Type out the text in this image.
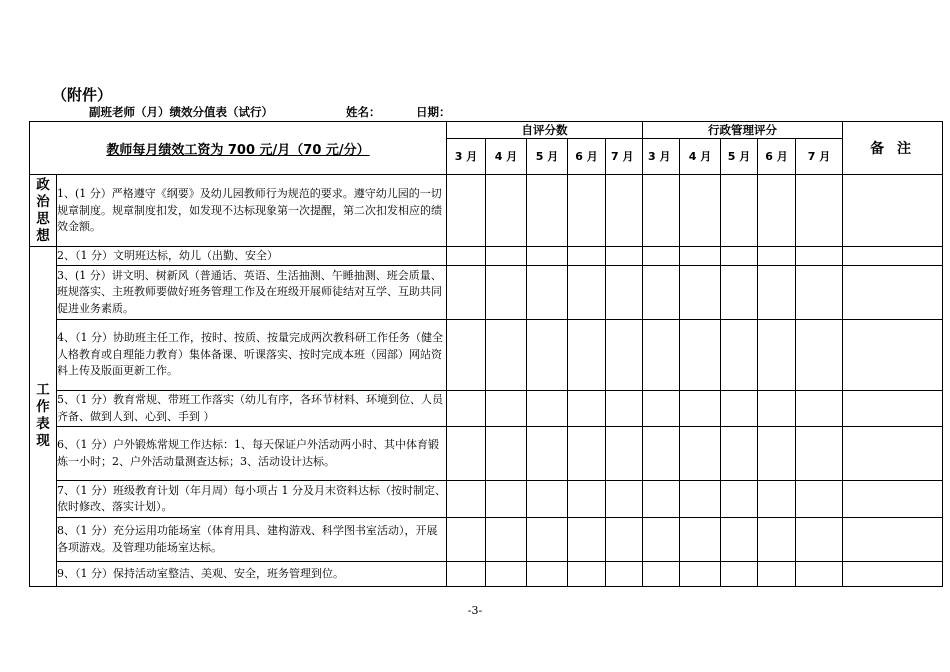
（附件）
副班老师（月）绩效分值表（试行）	姓名：	日期：
教师每月绩效工资为 700 元/月（70 元/分）		自评分数					行政管理评分					备 注
		3 月	4 月	5 月	6 月	7 月	3 月	4 月	5 月	6 月	7 月	
政治思想	1、(1 分）严格遵守《纲要》及幼儿园教师行为规范的要求。遵守幼儿园的一切规章制度。规章制度扣发，如发现不达标现象第一次提醒，第二次扣发相应的绩效金额。											

工作表现	2、（1 分）文明班达标，幼儿（出勤、安全）											

	3、(1 分）讲文明、树新风（普通话、英语、生活抽测、午睡抽测、班会质量、班规落实、主班教师要做好班务管理工作及在班级开展师徒结对互学、互助共同促进业务素质。											

	4、（1 分）协助班主任工作，按时、按质、按量完成两次教科研工作任务（健全人格教育或自理能力教育）集体备课、听课落实、按时完成本班（园部）网站资料上传及版面更新工作。											

	5、（1 分）教育常规、带班工作落实（幼儿有序，各环节材料、环境到位、人员齐备、做到人到、心到、手到 ）											

	6、（1 分）户外锻炼常规工作达标：1、每天保证户外活动两小时、其中体育锻炼一小时；2、户外活动量测查达标；3、活动设计达标。											

	7、（1 分）班级教育计划（年月周）每小项占 1 分及月末资料达标（按时制定、依时修改、落实计划）。											

	8、（1 分）充分运用功能场室（体育用具、建构游戏、科学图书室活动），开展各项游戏。及管理功能场室达标。											

	9、（1 分）保持活动室整洁、美观、安全，班务管理到位。											

-3-
